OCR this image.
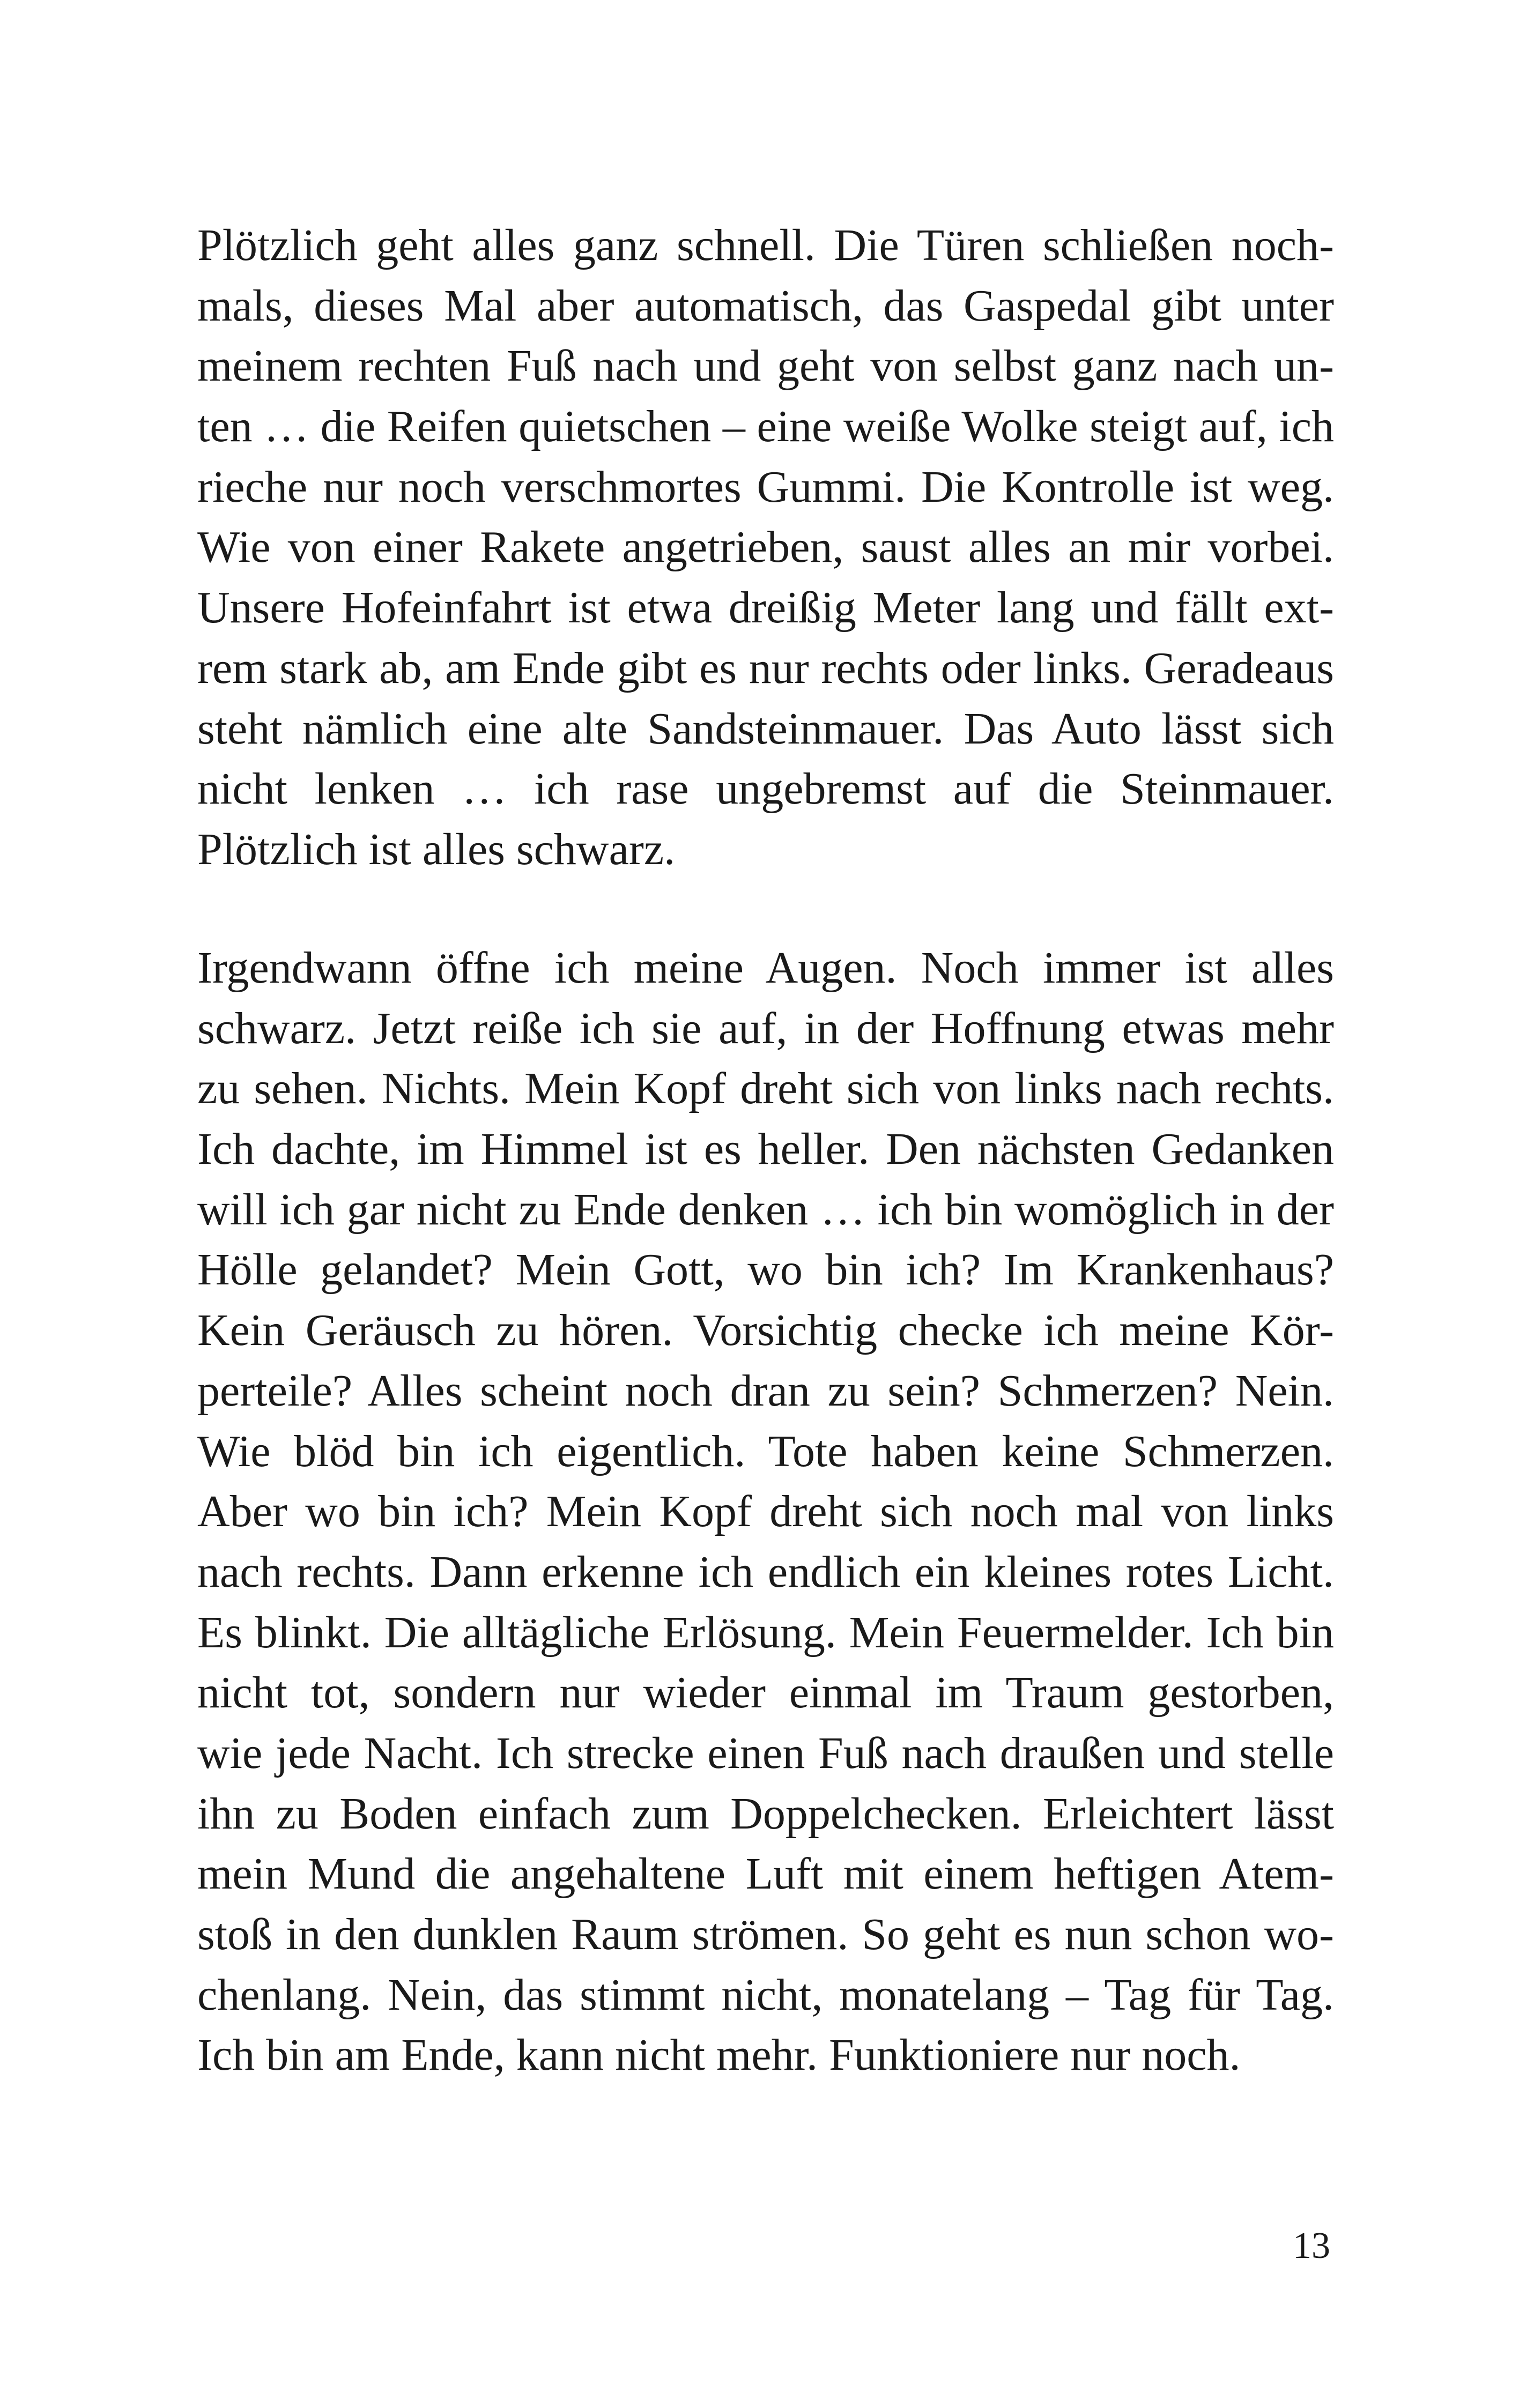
Plötzlich geht alles ganz schnell. Die Türen schließen noch-
mals, dieses Mal aber automatisch, das Gaspedal gibt unter
meinem rechten Fuß nach und geht von selbst ganz nach un-
ten … die Reifen quietschen – eine weiße Wolke steigt auf, ich
rieche nur noch verschmortes Gummi. Die Kontrolle ist weg.
Wie von einer Rakete angetrieben, saust alles an mir vorbei.
Unsere Hofeinfahrt ist etwa dreißig Meter lang und fällt ext-
rem stark ab, am Ende gibt es nur rechts oder links. Geradeaus
steht nämlich eine alte Sandsteinmauer. Das Auto lässt sich
nicht lenken … ich rase ungebremst auf die Steinmauer.
Plötzlich ist alles schwarz.
Irgendwann öffne ich meine Augen. Noch immer ist alles
schwarz. Jetzt reiße ich sie auf, in der Hoffnung etwas mehr
zu sehen. Nichts. Mein Kopf dreht sich von links nach rechts.
Ich dachte, im Himmel ist es heller. Den nächsten Gedanken
will ich gar nicht zu Ende denken … ich bin womöglich in der
Hölle gelandet? Mein Gott, wo bin ich? Im Krankenhaus?
Kein Geräusch zu hören. Vorsichtig checke ich meine Kör-
perteile? Alles scheint noch dran zu sein? Schmerzen? Nein.
Wie blöd bin ich eigentlich. Tote haben keine Schmerzen.
Aber wo bin ich? Mein Kopf dreht sich noch mal von links
nach rechts. Dann erkenne ich endlich ein kleines rotes Licht.
Es blinkt. Die alltägliche Erlösung. Mein Feuermelder. Ich bin
nicht tot, sondern nur wieder einmal im Traum gestorben,
wie jede Nacht. Ich strecke einen Fuß nach draußen und stelle
ihn zu Boden einfach zum Doppelchecken. Erleichtert lässt
mein Mund die angehaltene Luft mit einem heftigen Atem-
stoß in den dunklen Raum strömen. So geht es nun schon wo-
chenlang. Nein, das stimmt nicht, monatelang – Tag für Tag.
Ich bin am Ende, kann nicht mehr. Funktioniere nur noch.
13
